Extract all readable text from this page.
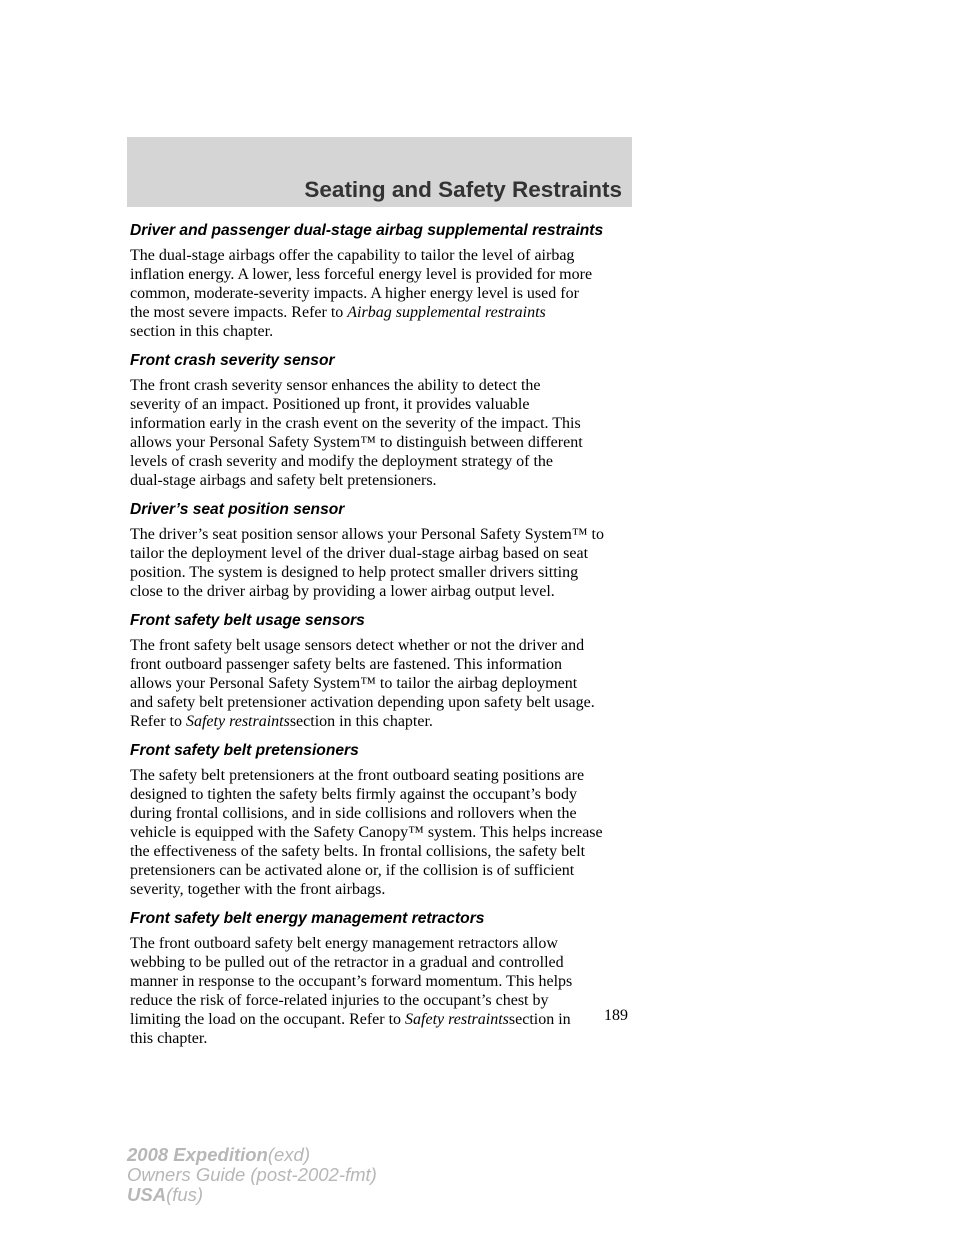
Seating and Safety Restraints
Driver and passenger dual-stage airbag supplemental restraints

The dual-stage airbags offer the capability to tailor the level of airbag
inflation energy. A lower, less forceful energy level is provided for more
common, moderate-severity impacts. A higher energy level is used for
the most severe impacts. Refer to Airbag supplemental restraints
section in this chapter.

Front crash severity sensor

The front crash severity sensor enhances the ability to detect the
severity of an impact. Positioned up front, it provides valuable
information early in the crash event on the severity of the impact. This
allows your Personal Safety System™ to distinguish between different
levels of crash severity and modify the deployment strategy of the
dual-stage airbags and safety belt pretensioners.

Driver’s seat position sensor

The driver’s seat position sensor allows your Personal Safety System™ to
tailor the deployment level of the driver dual-stage airbag based on seat
position. The system is designed to help protect smaller drivers sitting
close to the driver airbag by providing a lower airbag output level.

Front safety belt usage sensors

The front safety belt usage sensors detect whether or not the driver and
front outboard passenger safety belts are fastened. This information
allows your Personal Safety System™ to tailor the airbag deployment
and safety belt pretensioner activation depending upon safety belt usage.
Refer to Safety restraintssection in this chapter.

Front safety belt pretensioners

The safety belt pretensioners at the front outboard seating positions are
designed to tighten the safety belts firmly against the occupant’s body
during frontal collisions, and in side collisions and rollovers when the
vehicle is equipped with the Safety Canopy™ system. This helps increase
the effectiveness of the safety belts. In frontal collisions, the safety belt
pretensioners can be activated alone or, if the collision is of sufficient
severity, together with the front airbags.

Front safety belt energy management retractors

The front outboard safety belt energy management retractors allow
webbing to be pulled out of the retractor in a gradual and controlled
manner in response to the occupant’s forward momentum. This helps
reduce the risk of force-related injuries to the occupant’s chest by
limiting the load on the occupant. Refer to Safety restraintssection in
this chapter.

189
2008 Expedition(exd)
Owners Guide (post-2002-fmt)
USA(fus)
